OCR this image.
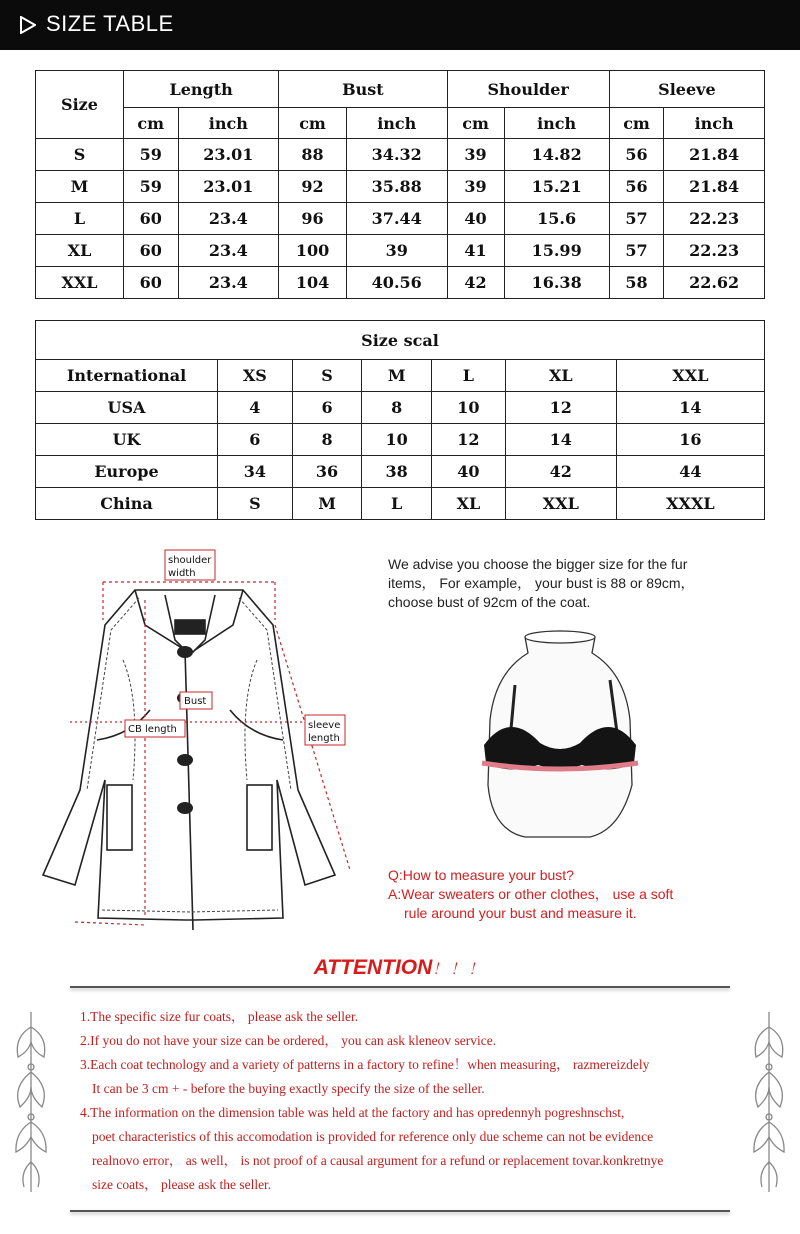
SIZE TABLE
Size	Length		Bust		Shoulder		Sleeve	
	cm	inch	cm	inch	cm	inch	cm	inch
S	59	23.01	88	34.32	39	14.82	56	21.84
M	59	23.01	92	35.88	39	15.21	56	21.84
L	60	23.4	96	37.44	40	15.6	57	22.23
XL	60	23.4	100	39	41	15.99	57	22.23
XXL	60	23.4	104	40.56	42	16.38	58	22.62
Size scal						
International	XS	S	M	L	XL	XXL
USA	4	6	8	10	12	14
UK	6	8	10	12	14	16
Europe	34	36	38	40	42	44
China	S	M	L	XL	XXL	XXXL
shoulder
width
Bust
CB length	sleeve
length
We advise you choose the bigger size for the fur
items， For example， your bust is 88 or 89cm，
choose bust of 92cm of the coat.
Q:How to measure your bust?
A:Wear sweaters or other clothes， use a soft
rule around your bust and measure it.
ATTENTION！！！
1.The specific size fur coats， please ask the seller.
2.If you do not have your size can be ordered， you can ask kleneov service.
3.Each coat technology and a variety of patterns in a factory to refine！when measuring， razmereizdely
It can be 3 cm + - before the buying exactly specify the size of the seller.
4.The information on the dimension table was held at the factory and has opredennyh pogreshnschst,
poet characteristics of this accomodation is provided for reference only due scheme can not be evidence
realnovo error， as well， is not proof of a causal argument for a refund or replacement tovar.konkretnye
size coats， please ask the seller.
